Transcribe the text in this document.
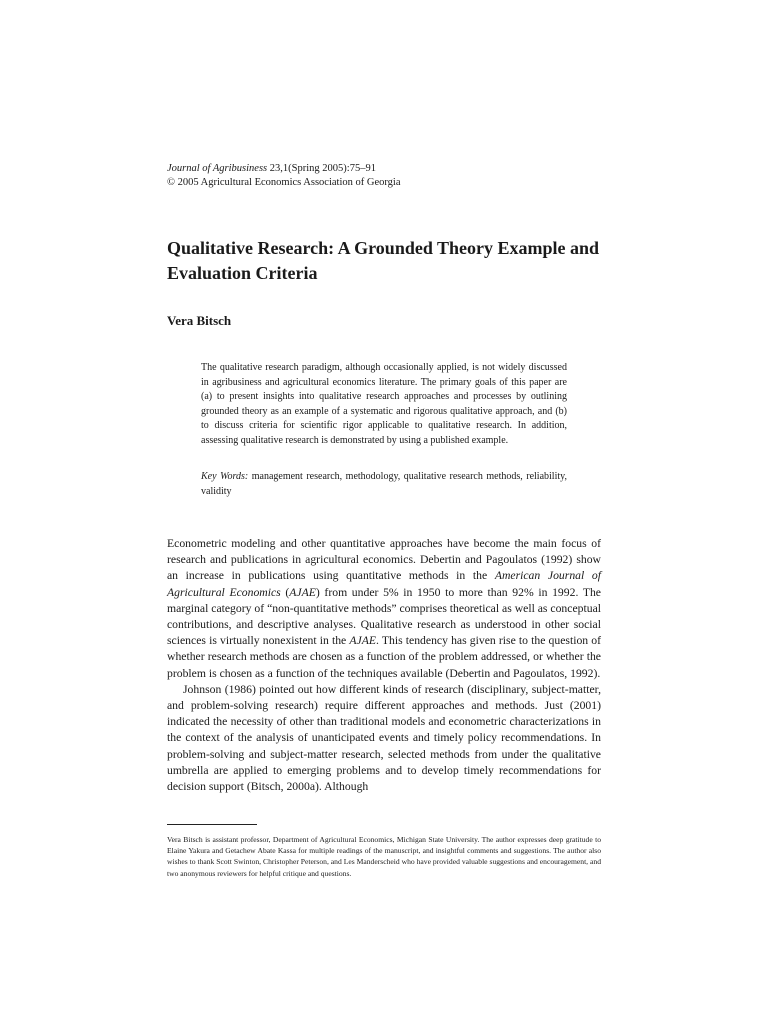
Journal of Agribusiness 23,1(Spring 2005):75–91
© 2005 Agricultural Economics Association of Georgia
Qualitative Research: A Grounded Theory Example and Evaluation Criteria
Vera Bitsch
The qualitative research paradigm, although occasionally applied, is not widely discussed in agribusiness and agricultural economics literature. The primary goals of this paper are (a) to present insights into qualitative research approaches and processes by outlining grounded theory as an example of a systematic and rigorous qualitative approach, and (b) to discuss criteria for scientific rigor applicable to qualitative research. In addition, assessing qualitative research is demonstrated by using a published example.
Key Words: management research, methodology, qualitative research methods, reliability, validity

Econometric modeling and other quantitative approaches have become the main focus of research and publications in agricultural economics. Debertin and Pagoulatos (1992) show an increase in publications using quantitative methods in the American Journal of Agricultural Economics (AJAE) from under 5% in 1950 to more than 92% in 1992. The marginal category of “non-quantitative methods” comprises theoretical as well as conceptual contributions, and descriptive analyses. Qualitative research as understood in other social sciences is virtually nonexistent in the AJAE. This tendency has given rise to the question of whether research methods are chosen as a function of the problem addressed, or whether the problem is chosen as a function of the techniques available (Debertin and Pagoulatos, 1992).

Johnson (1986) pointed out how different kinds of research (disciplinary, subject-matter, and problem-solving research) require different approaches and methods. Just (2001) indicated the necessity of other than traditional models and econometric characterizations in the context of the analysis of unanticipated events and timely policy recommendations. In problem-solving and subject-matter research, selected methods from under the qualitative umbrella are applied to emerging problems and to develop timely recommendations for decision support (Bitsch, 2000a). Although

Vera Bitsch is assistant professor, Department of Agricultural Economics, Michigan State University. The author expresses deep gratitude to Elaine Yakura and Getachew Abate Kassa for multiple readings of the manuscript, and insightful comments and suggestions. The author also wishes to thank Scott Swinton, Christopher Peterson, and Les Manderscheid who have provided valuable suggestions and encouragement, and two anonymous reviewers for helpful critique and questions.
